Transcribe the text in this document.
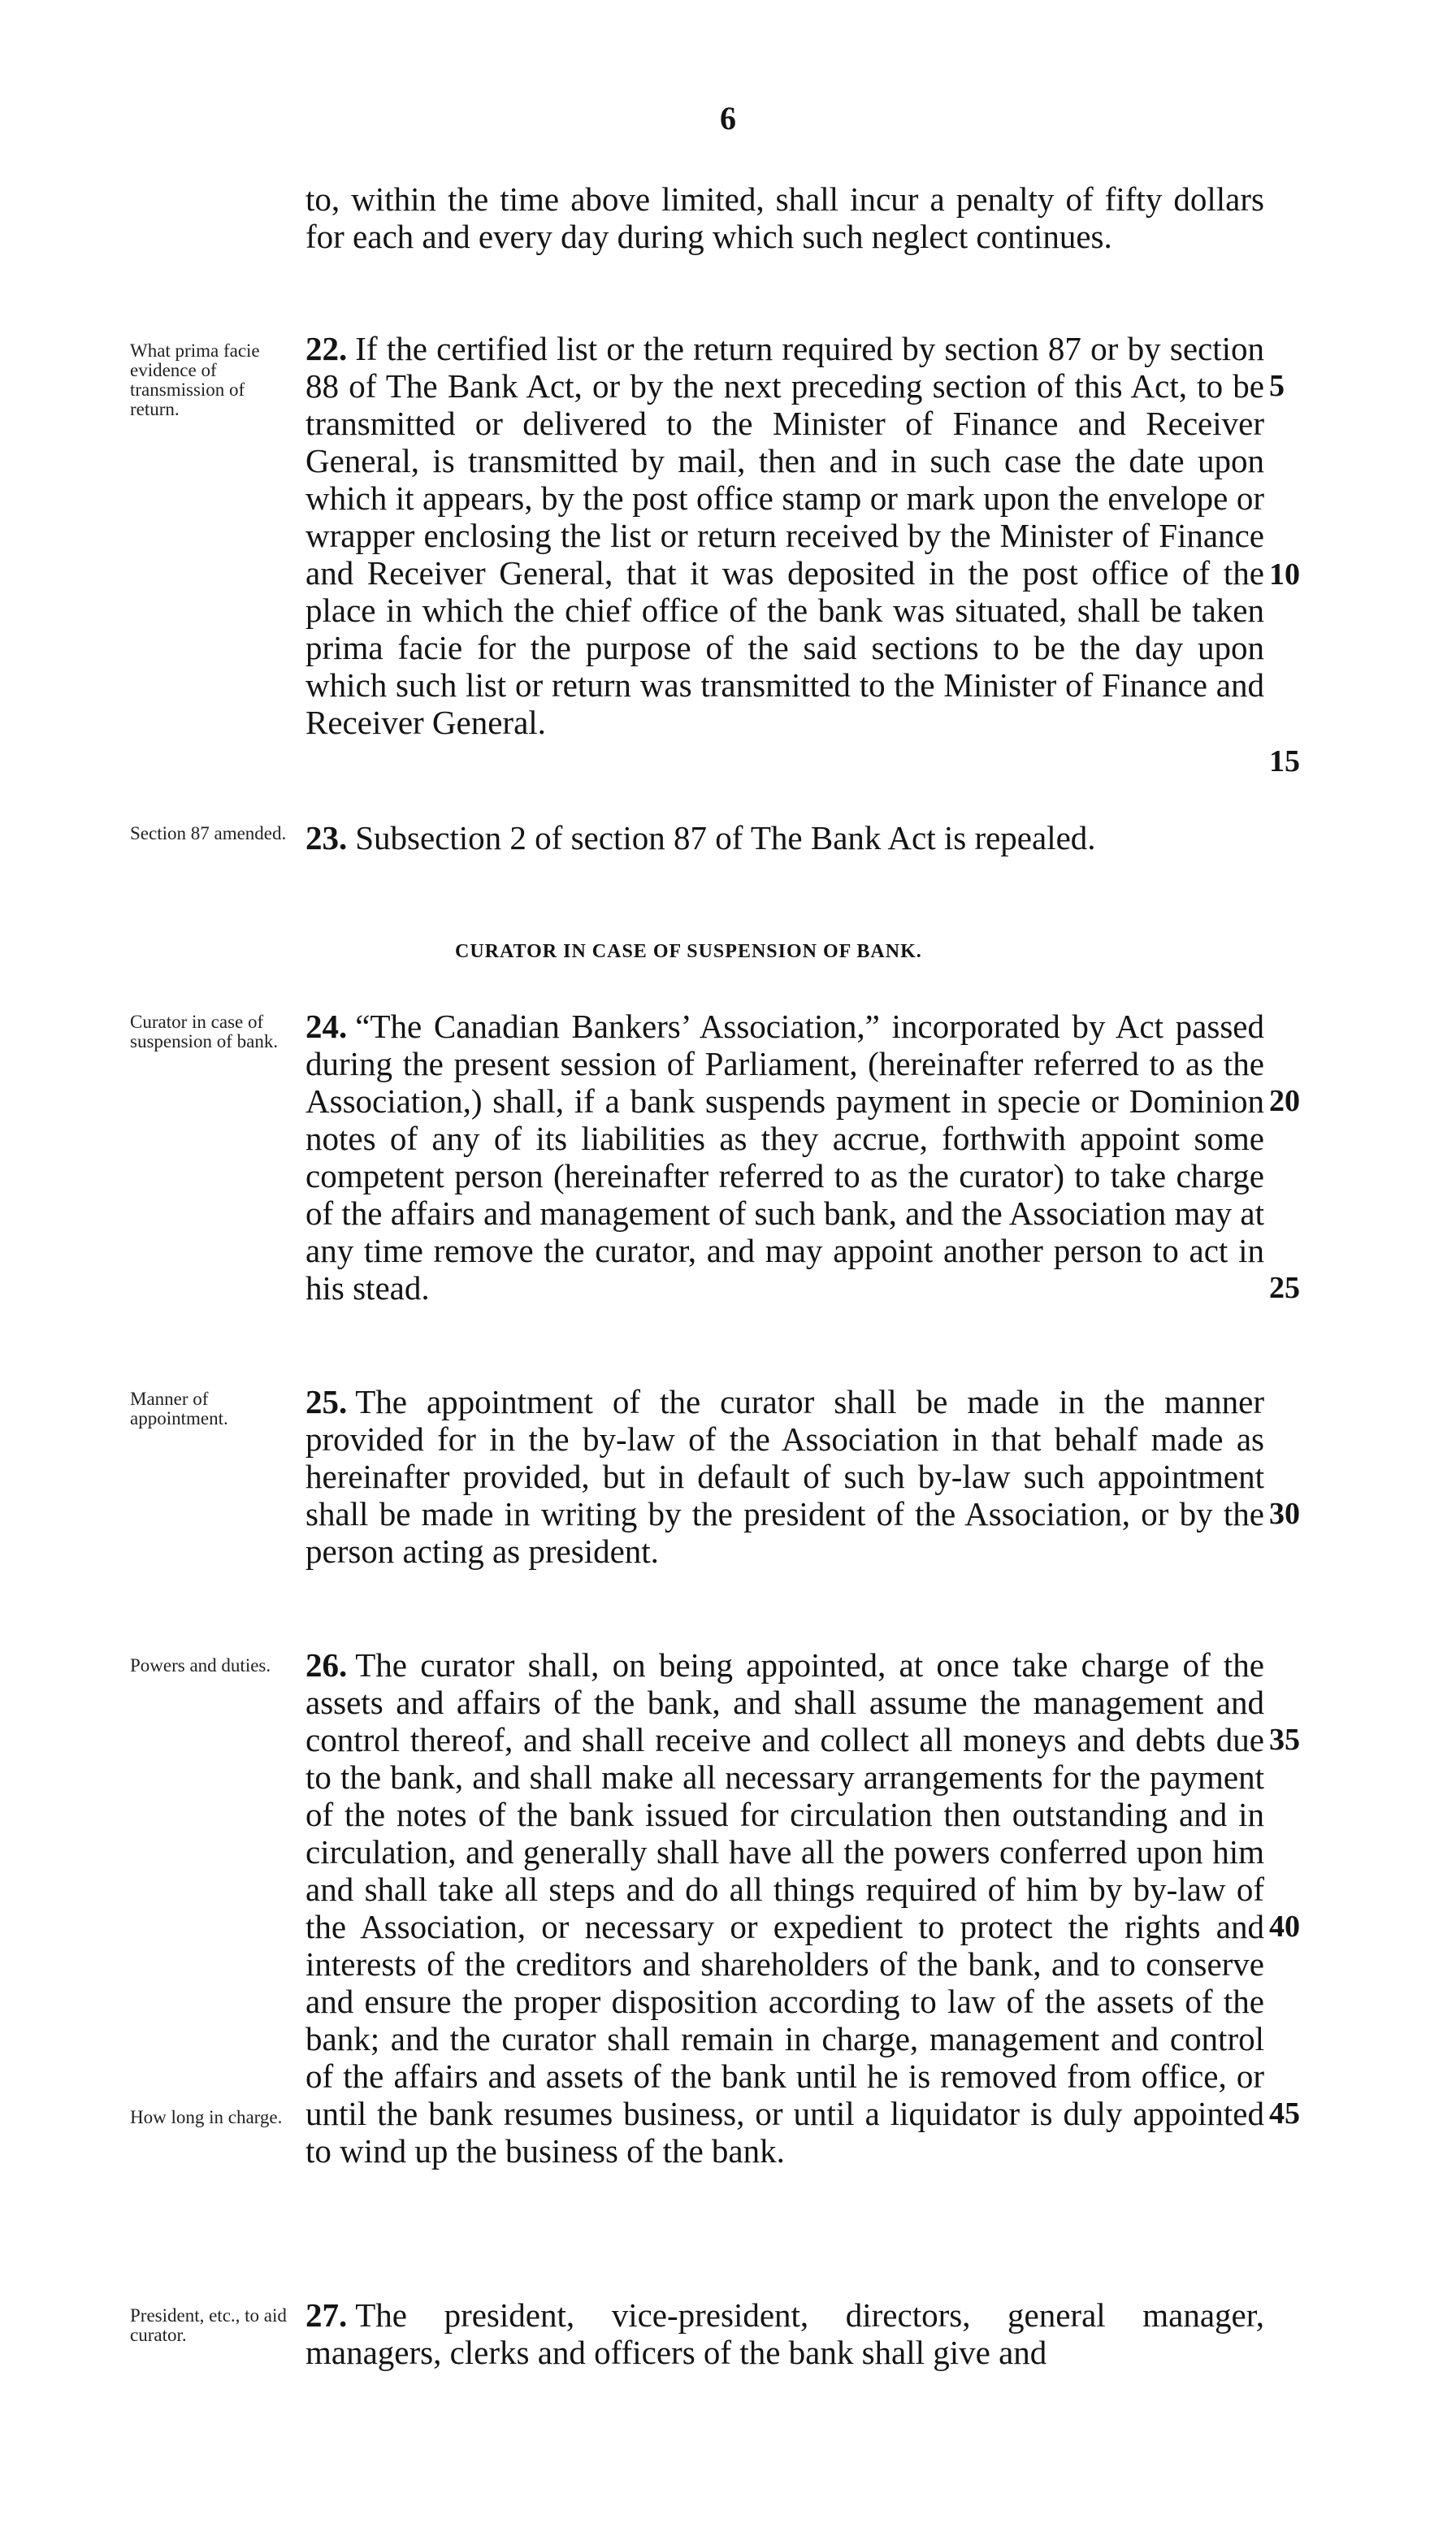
6

to, within the time above limited, shall incur a penalty of fifty dollars for each and every day during which such neglect continues.

What prima facie evidence of transmission of return.

22. If the certified list or the return required by section 87 or by section 88 of The Bank Act, or by the next preceding section of this Act, to be transmitted or delivered to the Minister of Finance and Receiver General, is transmitted by mail, then and in such case the date upon which it appears, by the post office stamp or mark upon the envelope or wrapper enclosing the list or return received by the Minister of Finance and Receiver General, that it was deposited in the post office of the place in which the chief office of the bank was situated, shall be taken prima facie for the purpose of the said sections to be the day upon which such list or return was transmitted to the Minister of Finance and Receiver General.

Section 87 amended. 23. Subsection 2 of section 87 of The Bank Act is repealed.

CURATOR IN CASE OF SUSPENSION OF BANK.
Curator in case of suspension of bank. 24. “The Canadian Bankers’ Association,” incorporated by Act passed during the present session of Parliament, (hereinafter referred to as the Association,) shall, if a bank suspends payment in specie or Dominion notes of any of its liabilities as they accrue, forthwith appoint some competent person (hereinafter referred to as the curator) to take charge of the affairs and management of such bank, and the Association may at any time remove the curator, and may appoint another person to act in his stead.

Manner of appointment.	25. The appointment of the curator shall be made in the manner provided for in the by-law of the Association in that behalf made as hereinafter provided, but in default of such by-law such appointment shall be made in writing by the president of the Association, or by the person acting as president.

Powers and duties.
How long in charge.

26. The curator shall, on being appointed, at once take charge of the assets and affairs of the bank, and shall assume the management and control thereof, and shall receive and collect all moneys and debts due to the bank, and shall make all necessary arrangements for the payment of the notes of the bank issued for circulation then outstanding and in circulation, and generally shall have all the powers conferred upon him and shall take all steps and do all things required of him by by-law of the Association, or necessary or expedient to protect the rights and interests of the creditors and shareholders of the bank, and to conserve and ensure the proper disposition according to law of the assets of the bank; and the curator shall remain in charge, management and control of the affairs and assets of the bank until he is removed from office, or until the bank resumes business, or until a liquidator is duly appointed to wind up the business of the bank.

President, etc., to aid curator.

27. The president, vice-president, directors, general manager, managers, clerks and officers of the bank shall give and

5
10
15
20
25
30
35
40
45
